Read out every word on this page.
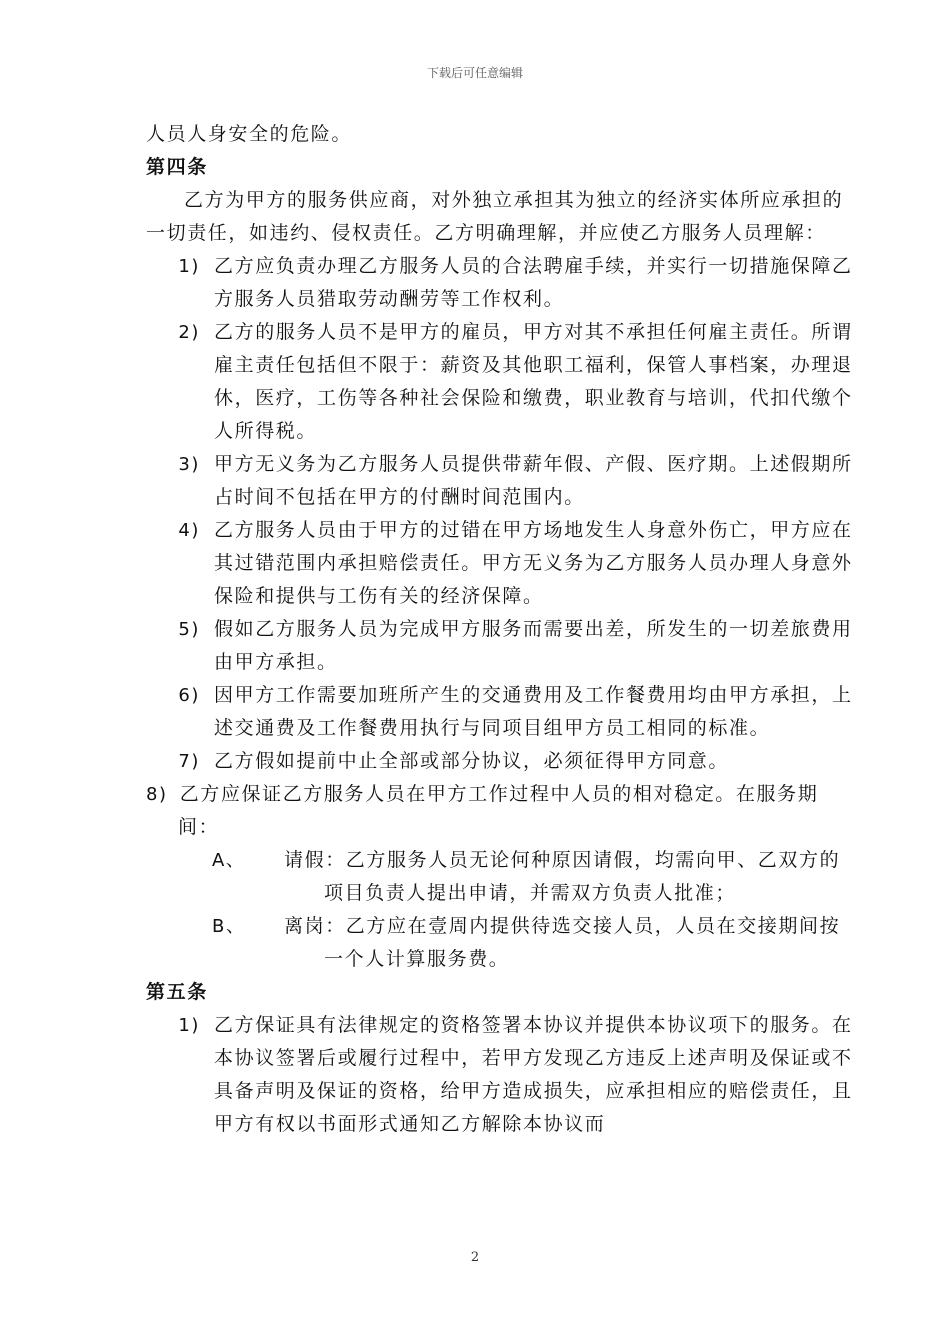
下载后可任意编辑

人员人身安全的危险。

第四条

乙方为甲方的服务供应商，对外独立承担其为独立的经济实体所应承担的一切责任，如违约、侵权责任。乙方明确理解，并应使乙方服务人员理解：

1) 乙方应负责办理乙方服务人员的合法聘雇手续，并实行一切措施保障乙方服务人员猎取劳动酬劳等工作权利。
2) 乙方的服务人员不是甲方的雇员，甲方对其不承担任何雇主责任。所谓雇主责任包括但不限于：薪资及其他职工福利，保管人事档案，办理退休，医疗，工伤等各种社会保险和缴费，职业教育与培训，代扣代缴个人所得税。
3) 甲方无义务为乙方服务人员提供带薪年假、产假、医疗期。上述假期所占时间不包括在甲方的付酬时间范围内。
4) 乙方服务人员由于甲方的过错在甲方场地发生人身意外伤亡，甲方应在其过错范围内承担赔偿责任。甲方无义务为乙方服务人员办理人身意外保险和提供与工伤有关的经济保障。
5) 假如乙方服务人员为完成甲方服务而需要出差，所发生的一切差旅费用由甲方承担。
6) 因甲方工作需要加班所产生的交通费用及工作餐费用均由甲方承担，上述交通费及工作餐费用执行与同项目组甲方员工相同的标准。
7) 乙方假如提前中止全部或部分协议，必须征得甲方同意。

8) 乙方应保证乙方服务人员在甲方工作过程中人员的相对稳定。在服务期间：

A、	请假：乙方服务人员无论何种原因请假，均需向甲、乙双方的项目负责人提出申请，并需双方负责人批准；
B、	离岗：乙方应在壹周内提供待选交接人员，人员在交接期间按一个人计算服务费。

第五条

1) 乙方保证具有法律规定的资格签署本协议并提供本协议项下的服务。在本协议签署后或履行过程中，若甲方发现乙方违反上述声明及保证或不具备声明及保证的资格，给甲方造成损失，应承担相应的赔偿责任，且甲方有权以书面形式通知乙方解除本协议而
2
